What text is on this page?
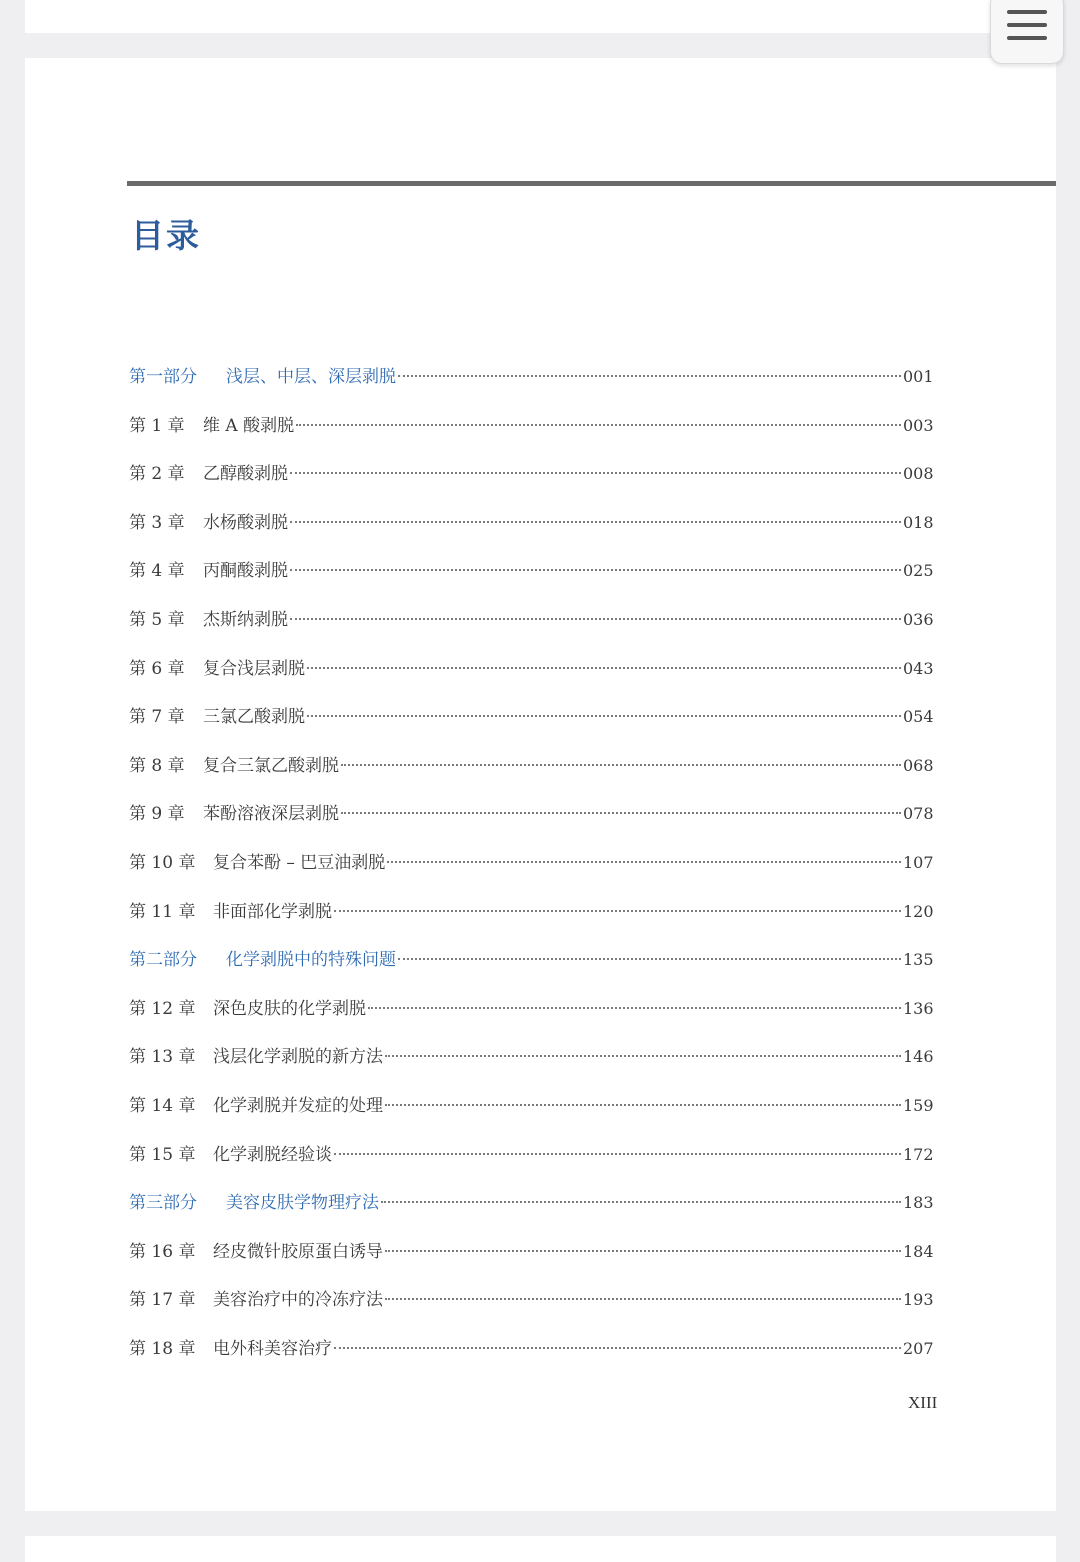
目录
第一部分	浅层、中层、深层剥脱	001
第 1 章	维 A 酸剥脱	003
第 2 章	乙醇酸剥脱	008
第 3 章	水杨酸剥脱	018
第 4 章	丙酮酸剥脱	025
第 5 章	杰斯纳剥脱	036
第 6 章	复合浅层剥脱	043
第 7 章	三氯乙酸剥脱	054
第 8 章	复合三氯乙酸剥脱	068
第 9 章	苯酚溶液深层剥脱	078
第 10 章	复合苯酚 – 巴豆油剥脱	107
第 11 章	非面部化学剥脱	120
第二部分	化学剥脱中的特殊问题	135
第 12 章	深色皮肤的化学剥脱	136
第 13 章	浅层化学剥脱的新方法	146
第 14 章	化学剥脱并发症的处理	159
第 15 章	化学剥脱经验谈	172
第三部分	美容皮肤学物理疗法	183
第 16 章	经皮微针胶原蛋白诱导	184
第 17 章	美容治疗中的冷冻疗法	193
第 18 章	电外科美容治疗	207

XIII
